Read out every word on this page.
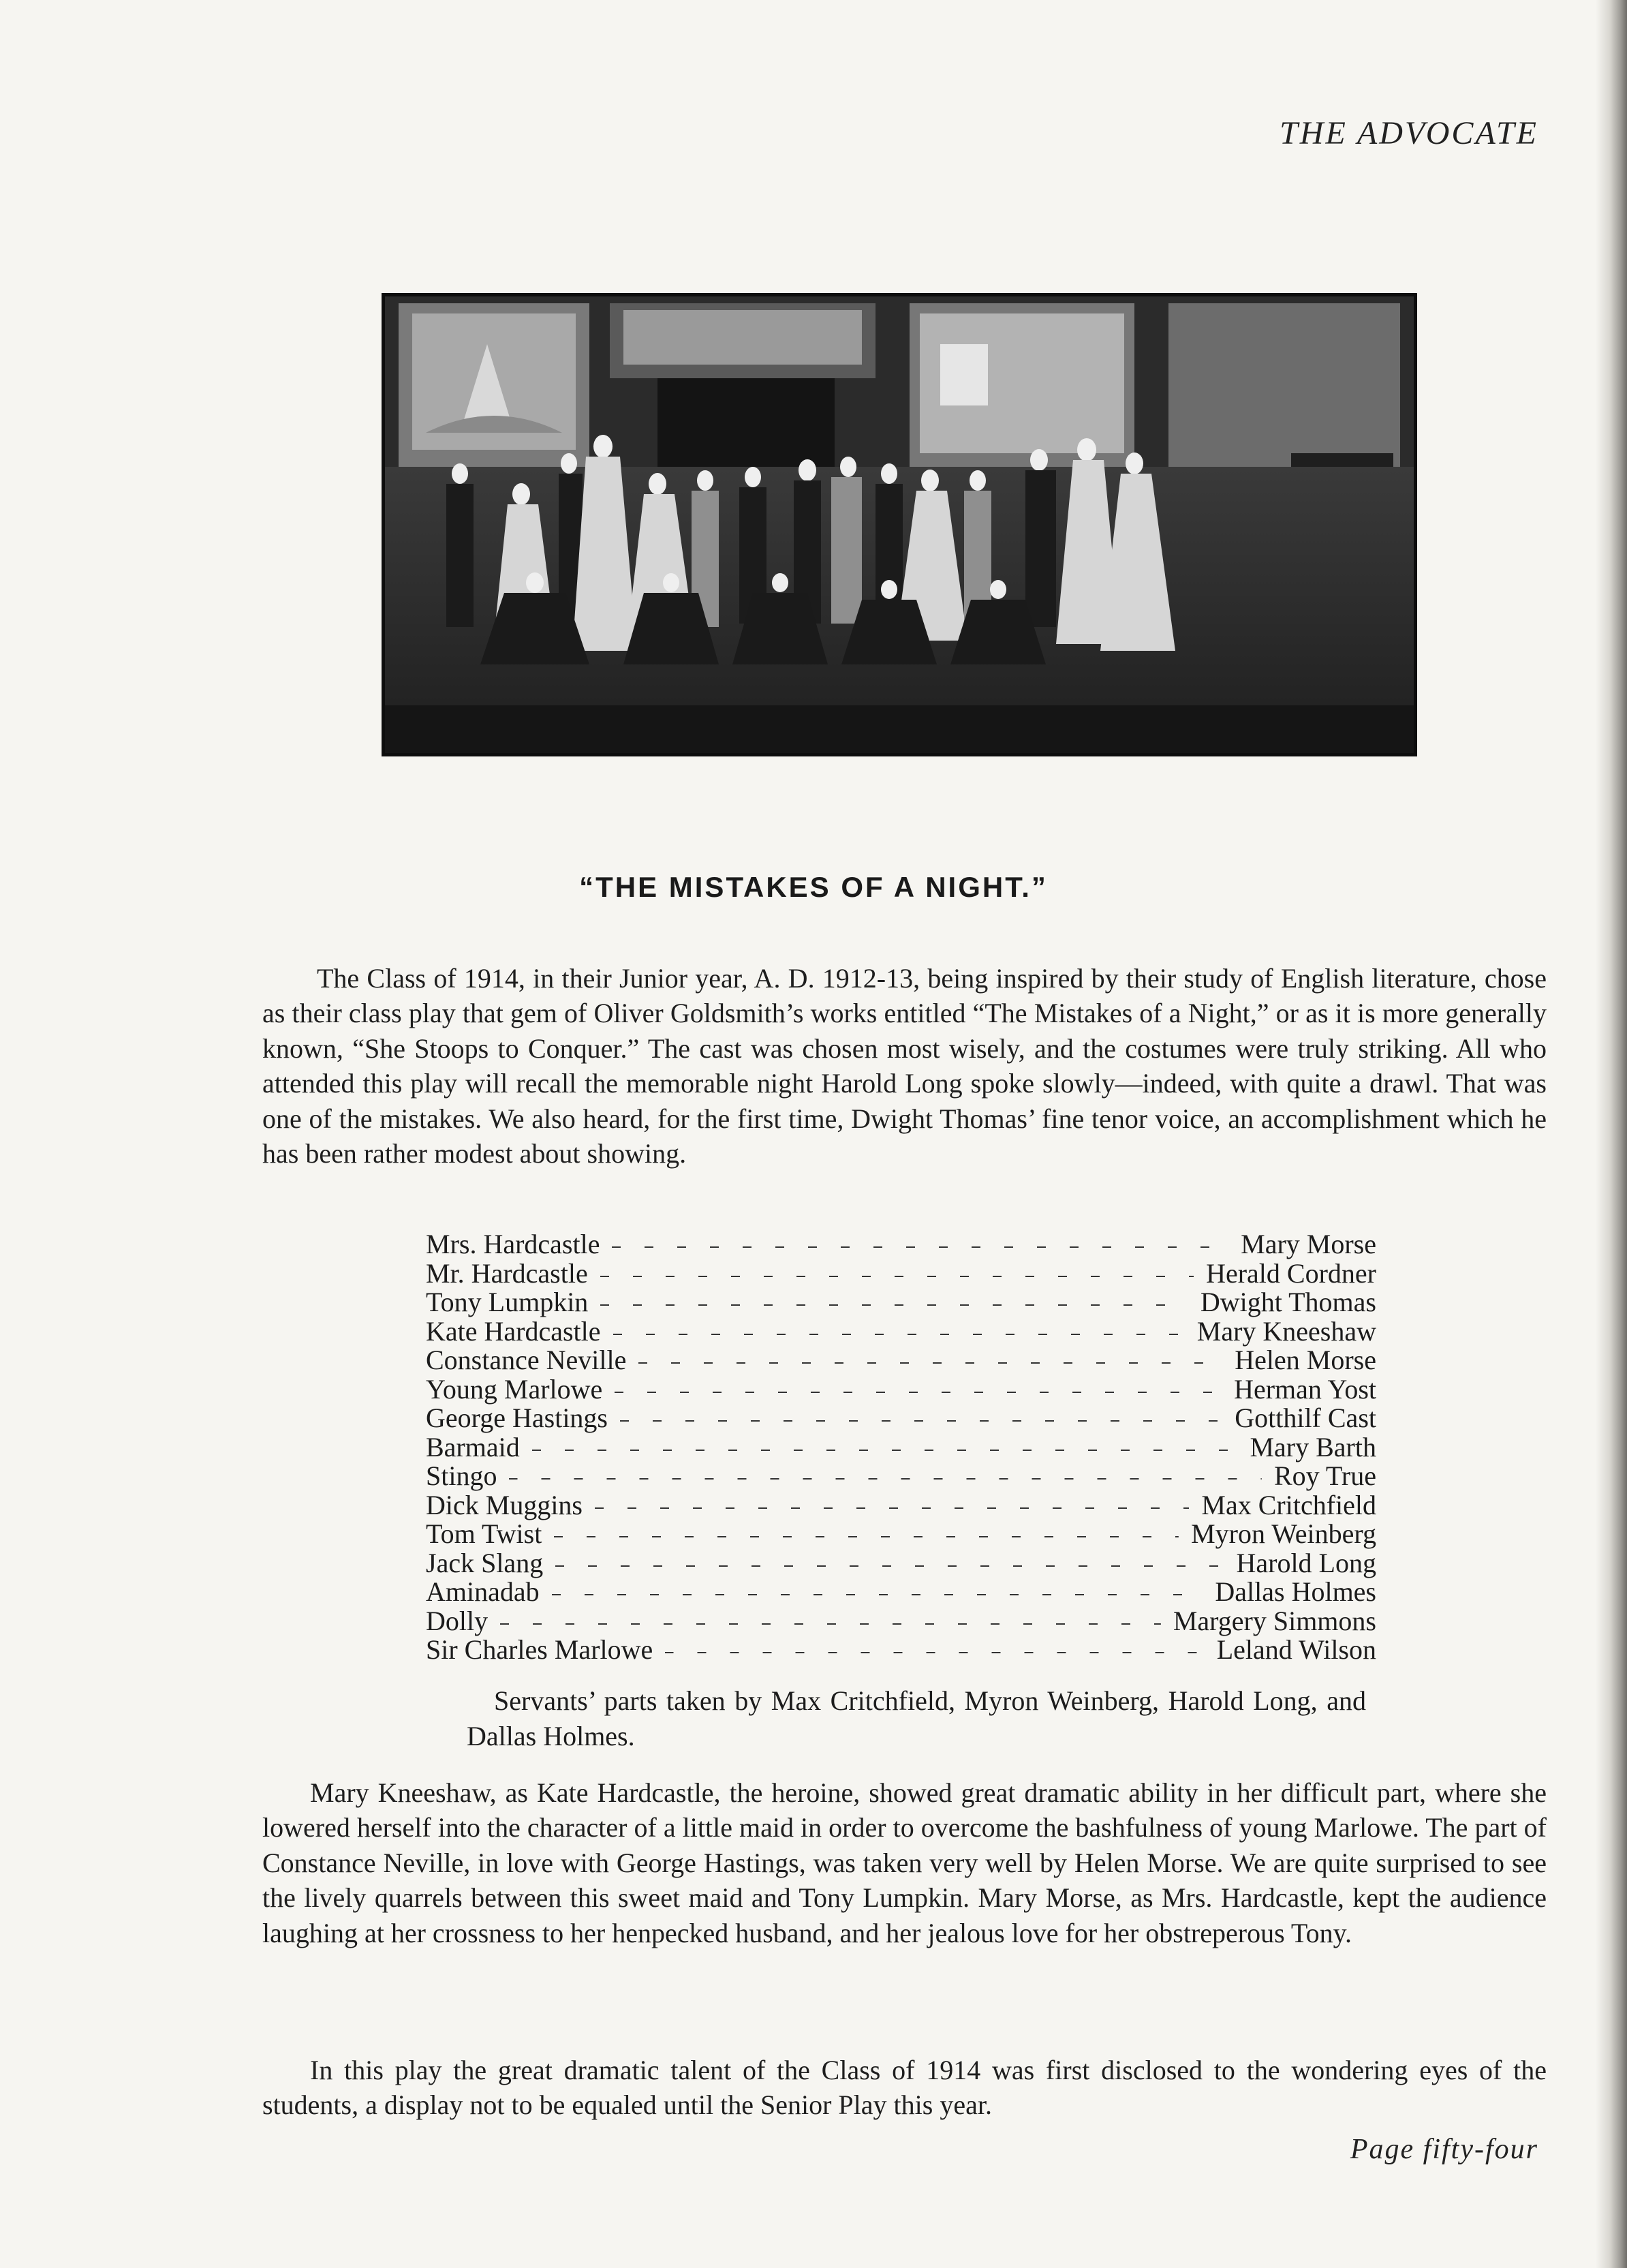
THE ADVOCATE
“THE MISTAKES OF A NIGHT.”
The Class of 1914, in their Junior year, A. D. 1912-13, being inspired by their study of English literature, chose as their class play that gem of Oliver Goldsmith’s works entitled “The Mistakes of a Night,” or as it is more generally known, “She Stoops to Conquer.” The cast was chosen most wisely, and the costumes were truly striking. All who attended this play will recall the memorable night Harold Long spoke slowly—indeed, with quite a drawl. That was one of the mistakes. We also heard, for the first time, Dwight Thomas’ fine tenor voice, an accomplishment which he has been rather modest about showing.
Mrs. Hardcastle	Mary Morse
Mr. Hardcastle	Herald Cordner
Tony Lumpkin	Dwight Thomas
Kate Hardcastle	Mary Kneeshaw
Constance Neville	Helen Morse
Young Marlowe	Herman Yost
George Hastings	Gotthilf Cast
Barmaid	Mary Barth
Stingo	Roy True
Dick Muggins	Max Critchfield
Tom Twist	Myron Weinberg
Jack Slang	Harold Long
Aminadab	Dallas Holmes
Dolly	Margery Simmons
Sir Charles Marlowe	Leland Wilson
Servants’ parts taken by Max Critchfield, Myron Weinberg, Harold Long, and Dallas Holmes.
Mary Kneeshaw, as Kate Hardcastle, the heroine, showed great dramatic ability in her difficult part, where she lowered herself into the character of a little maid in order to overcome the bashfulness of young Marlowe. The part of Constance Neville, in love with George Hastings, was taken very well by Helen Morse. We are quite surprised to see the lively quarrels between this sweet maid and Tony Lumpkin. Mary Morse, as Mrs. Hardcastle, kept the audience laughing at her crossness to her henpecked husband, and her jealous love for her obstreperous Tony.
In this play the great dramatic talent of the Class of 1914 was first disclosed to the wondering eyes of the students, a display not to be equaled until the Senior Play this year.
Page fifty-four
